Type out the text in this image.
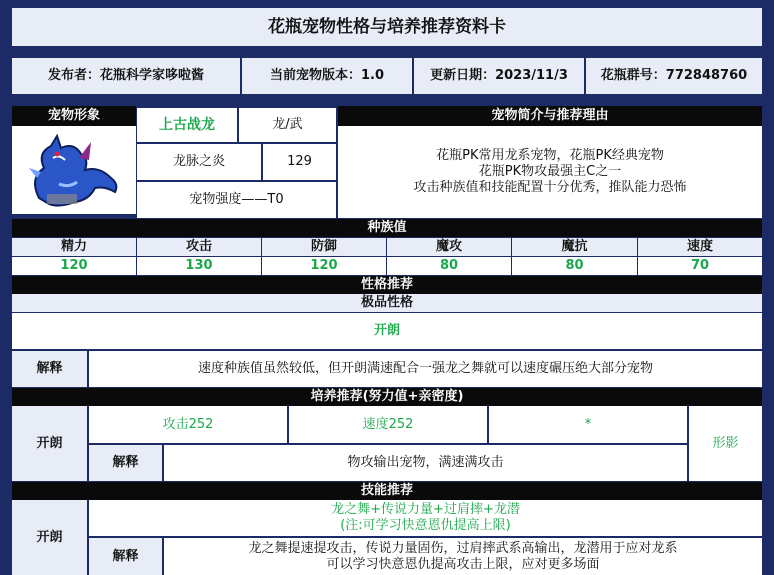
花瓶宠物性格与培养推荐资料卡
发布者：花瓶科学家哆啦酱	当前宠物版本：1.0	更新日期：2023/11/3	花瓶群号：772848760
宠物形象
上古战龙	龙/武
龙脉之炎	129
宠物强度——T0
宠物简介与推荐理由
花瓶PK常用龙系宠物，花瓶PK经典宠物
花瓶PK物攻最强主C之一
攻击种族值和技能配置十分优秀，推队能力恐怖
种族值
精力	攻击	防御	魔攻	魔抗	速度
120	130	120	80	80	70
性格推荐
极品性格
开朗
解释	速度种族值虽然较低，但开朗满速配合一强龙之舞就可以速度碾压绝大部分宠物
培养推荐(努力值+亲密度)
开朗
攻击252	速度252	*
形影
解释	物攻输出宠物，满速满攻击
技能推荐
开朗
龙之舞+传说力量+过肩摔+龙潜
(注:可学习快意恩仇提高上限)
解释
龙之舞提速提攻击，传说力量固伤，过肩摔武系高输出，龙潜用于应对龙系
可以学习快意恩仇提高攻击上限，应对更多场面
